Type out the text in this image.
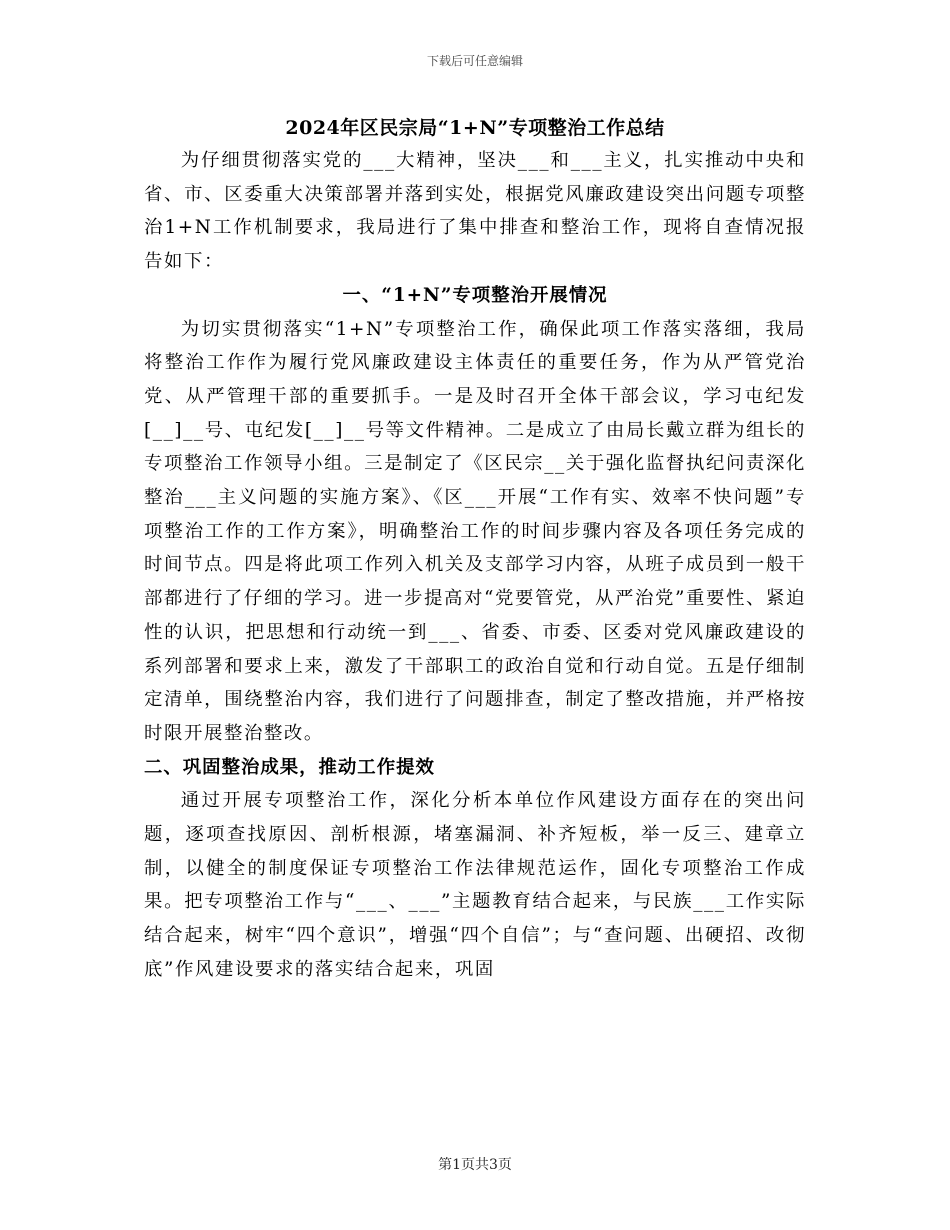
下载后可任意编辑
2024年区民宗局“1+N”专项整治工作总结

为仔细贯彻落实党的___大精神，坚决___和___主义，扎实推动中央和省、市、区委重大决策部署并落到实处，根据党风廉政建设突出问题专项整治1+N工作机制要求，我局进行了集中排查和整治工作，现将自查情况报告如下：

一、“1+N”专项整治开展情况

为切实贯彻落实“1+N”专项整治工作，确保此项工作落实落细，我局将整治工作作为履行党风廉政建设主体责任的重要任务，作为从严管党治党、从严管理干部的重要抓手。一是及时召开全体干部会议，学习屯纪发[__]__号、屯纪发[__]__号等文件精神。二是成立了由局长戴立群为组长的专项整治工作领导小组。三是制定了《区民宗__关于强化监督执纪问责深化整治___主义问题的实施方案》、《区___开展“工作有实、效率不快问题”专项整治工作的工作方案》，明确整治工作的时间步骤内容及各项任务完成的时间节点。四是将此项工作列入机关及支部学习内容，从班子成员到一般干部都进行了仔细的学习。进一步提高对“党要管党，从严治党”重要性、紧迫性的认识，把思想和行动统一到___、省委、市委、区委对党风廉政建设的系列部署和要求上来，激发了干部职工的政治自觉和行动自觉。五是仔细制定清单，围绕整治内容，我们进行了问题排查，制定了整改措施，并严格按时限开展整治整改。

二、巩固整治成果，推动工作提效

通过开展专项整治工作，深化分析本单位作风建设方面存在的突出问题，逐项查找原因、剖析根源，堵塞漏洞、补齐短板，举一反三、建章立制，以健全的制度保证专项整治工作法律规范运作，固化专项整治工作成果。把专项整治工作与“___、___”主题教育结合起来，与民族___工作实际结合起来，树牢“四个意识”，增强“四个自信”；与“查问题、出硬招、改彻底”作风建设要求的落实结合起来，巩固

第1页共3页
